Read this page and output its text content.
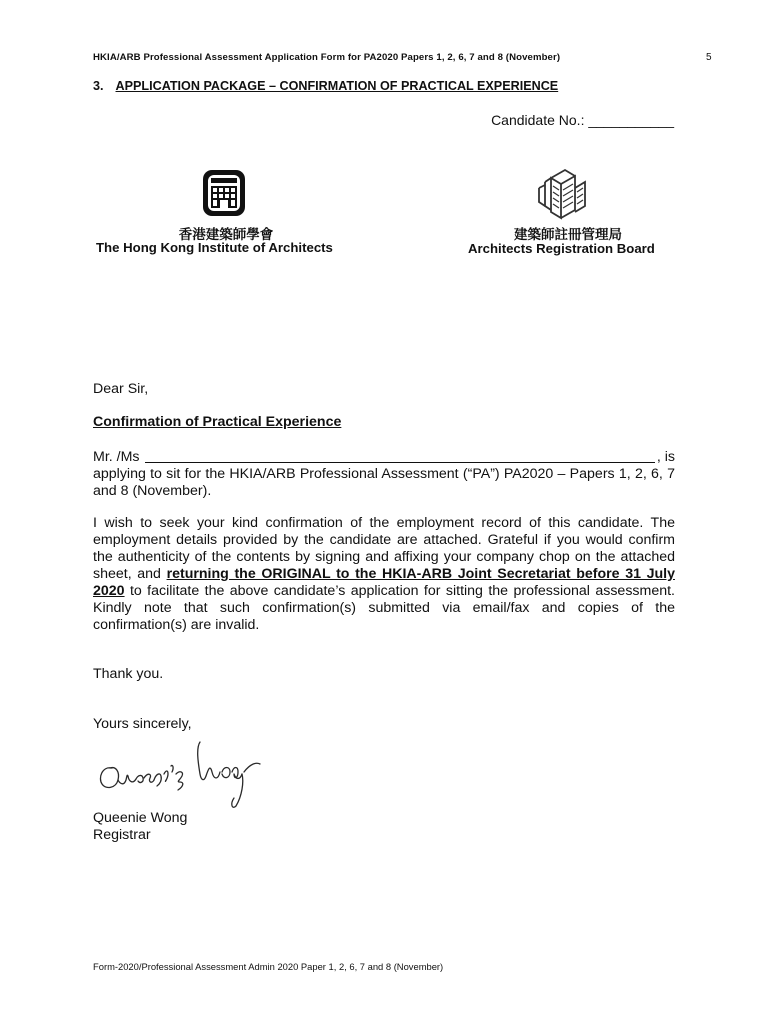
HKIA/ARB Professional Assessment Application Form for PA2020 Papers 1, 2, 6, 7 and 8 (November)	5
3. APPLICATION PACKAGE – CONFIRMATION OF PRACTICAL EXPERIENCE
Candidate No.: ___________
香港建築師學會	建築師註冊管理局
The Hong Kong Institute of Architects	Architects Registration Board
Dear Sir,
Confirmation of Practical Experience
Mr. /Ms	, is
applying to sit for the HKIA/ARB Professional Assessment (“PA”) PA2020 – Papers 1, 2, 6, 7 and 8 (November).
I wish to seek your kind confirmation of the employment record of this candidate. The employment details provided by the candidate are attached. Grateful if you would confirm the authenticity of the contents by signing and affixing your company chop on the attached sheet, and returning the ORIGINAL to the HKIA-ARB Joint Secretariat before 31 July 2020 to facilitate the above candidate’s application for sitting the professional assessment. Kindly note that such confirmation(s) submitted via email/fax and copies of the confirmation(s) are invalid.
Thank you.
Yours sincerely,
Queenie Wong
Registrar
Form-2020/Professional Assessment Admin 2020 Paper 1, 2, 6, 7 and 8 (November)
